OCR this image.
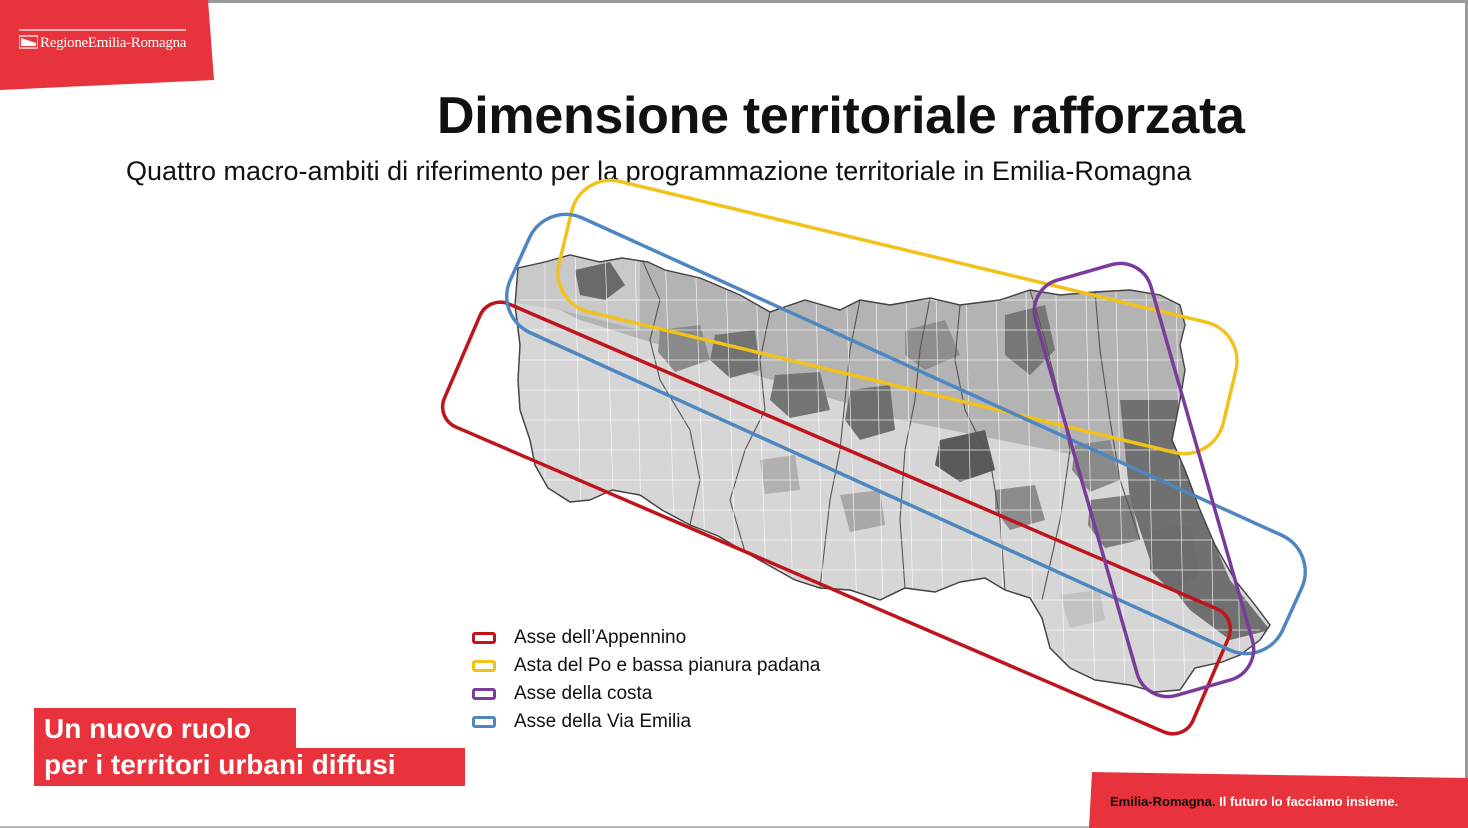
RegioneEmilia-Romagna
Dimensione territoriale rafforzata
Quattro macro-ambiti di riferimento per la programmazione territoriale in Emilia-Romagna
Asse dell’Appennino
Asta del Po e bassa pianura padana
Asse della costa
Asse della Via Emilia
Un nuovo ruolo
per i territori urbani diffusi
Emilia-Romagna. Il futuro lo facciamo insieme.
